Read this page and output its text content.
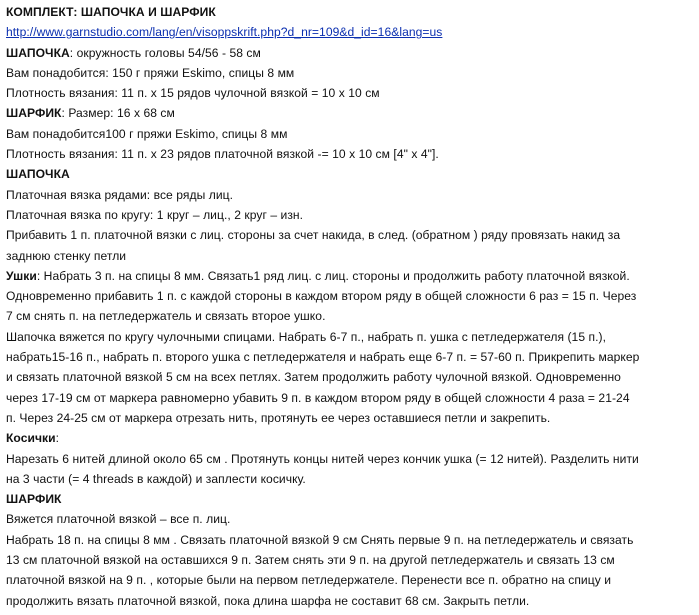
КОМПЛЕКТ: ШАПОЧКА И ШАРФИК
http://www.garnstudio.com/lang/en/visoppskrift.php?d_nr=109&d_id=16&lang=us
ШАПОЧКА: окружность головы 54/56 - 58 см
Вам понадобится: 150 г пряжи Eskimo, спицы 8 мм
Плотность вязания: 11 п. х 15 рядов чулочной вязкой = 10 х 10 см
ШАРФИК: Размер: 16 х 68 см
Вам понадобится100 г пряжи Eskimo, спицы 8 мм
Плотность вязания: 11 п. х 23 рядов платочной вязкой -= 10 х 10 см [4" х 4"].
ШАПОЧКА
Платочная вязка рядами: все ряды лиц.
Платочная вязка по кругу: 1 круг – лиц., 2 круг – изн.
Прибавить 1 п. платочной вязки с лиц. стороны за счет накида, в след. (обратном ) ряду провязать накид за
заднюю стенку петли
Ушки: Набрать 3 п. на спицы 8 мм. Связать1 ряд лиц. с лиц. стороны и продолжить работу платочной вязкой.
Одновременно прибавить 1 п. с каждой стороны в каждом втором ряду в общей сложности 6 раз = 15 п. Через
7 см снять п. на петледержатель и связать второе ушко.
Шапочка вяжется по кругу чулочными спицами. Набрать 6-7 п., набрать п. ушка с петледержателя (15 п.),
набрать15-16 п., набрать п. второго ушка с петледержателя и набрать еще 6-7 п. = 57-60 п. Прикрепить маркер
и связать платочной вязкой 5 см на всех петлях. Затем продолжить работу чулочной вязкой. Одновременно
через 17-19 см от маркера равномерно убавить 9 п. в каждом втором ряду в общей сложности 4 раза = 21-24
п. Через 24-25 см от маркера отрезать нить, протянуть ее через оставшиеся петли и закрепить.
Косички:
Нарезать 6 нитей длиной около 65 см . Протянуть концы нитей через кончик ушка (= 12 нитей). Разделить нити
на 3 части (= 4 threads в каждой) и заплести косичку.
ШАРФИК
Вяжется платочной вязкой – все п. лиц.
Набрать 18 п. на спицы 8 мм . Связать платочной вязкой 9 см Снять первые 9 п. на петледержатель и связать
13 см платочной вязкой на оставшихся 9 п. Затем снять эти 9 п. на другой петледержатель и связать 13 см
платочной вязкой на 9 п. , которые были на первом петледержателе. Перенести все п. обратно на спицу и
продолжить вязать платочной вязкой, пока длина шарфа не составит 68 см. Закрыть петли.
